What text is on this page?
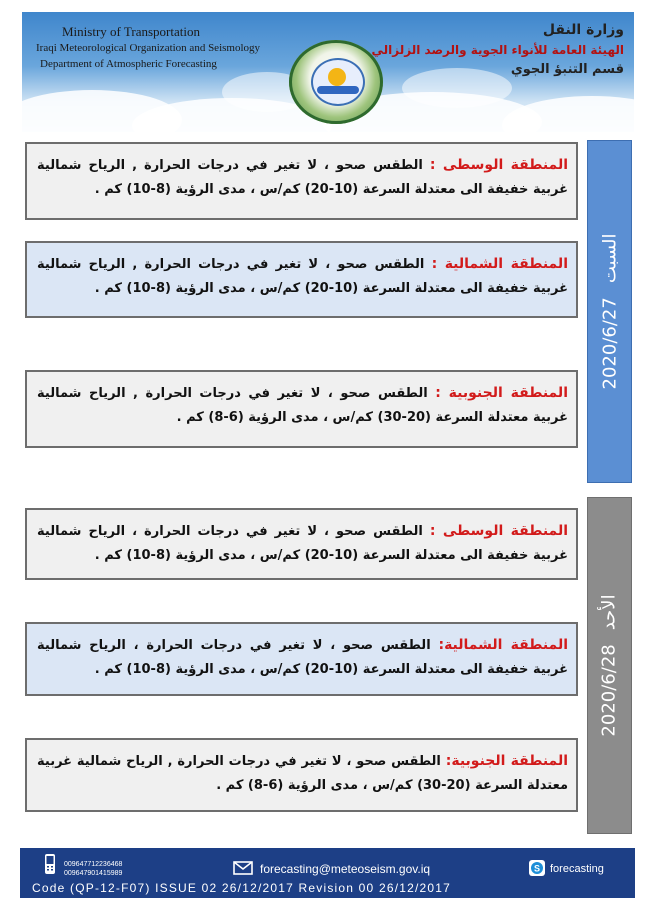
Ministry of Transportation
Iraqi Meteorological Organization and Seismology
Department of Atmospheric Forecasting
وزارة النقل
الهيئة العامة للأنواء الجوية والرصد الزلزالي
قسم التنبؤ الجوي
المنطقة الوسطى : الطقس صحو ، لا تغير في درجات الحرارة , الرياح شمالية غربية خفيفة الى معتدلة السرعة (10-20) كم/س ، مدى الرؤية (8-10) كم .
المنطقة الشمالية : الطقس صحو ، لا تغير في درجات الحرارة , الرياح شمالية غربية خفيفة الى معتدلة السرعة (10-20) كم/س ، مدى الرؤية (8-10) كم .
المنطقة الجنوبية : الطقس صحو ، لا تغير في درجات الحرارة , الرياح شمالية غربية معتدلة السرعة (20-30) كم/س ، مدى الرؤية (6-8) كم .
2020/6/27
السبت
المنطقة الوسطى : الطقس صحو ، لا تغير في درجات الحرارة ، الرياح شمالية غربية خفيفة الى معتدلة السرعة (10-20) كم/س ، مدى الرؤية (8-10) كم .
المنطقة الشمالية: الطقس صحو ، لا تغير في درجات الحرارة ، الرياح شمالية غربية خفيفة الى معتدلة السرعة (10-20) كم/س ، مدى الرؤية (8-10) كم .
المنطقة الجنوبية: الطقس صحو ، لا تغير في درجات الحرارة , الرياح شمالية غربية معتدلة السرعة (20-30) كم/س ، مدى الرؤية (6-8) كم .
2020/6/28
الأحد
009647712236468
009647901415989	forecasting@meteoseism.gov.iq	S forecasting
Code (QP-12-F07) ISSUE 02 26/12/2017 Revision 00 26/12/2017
